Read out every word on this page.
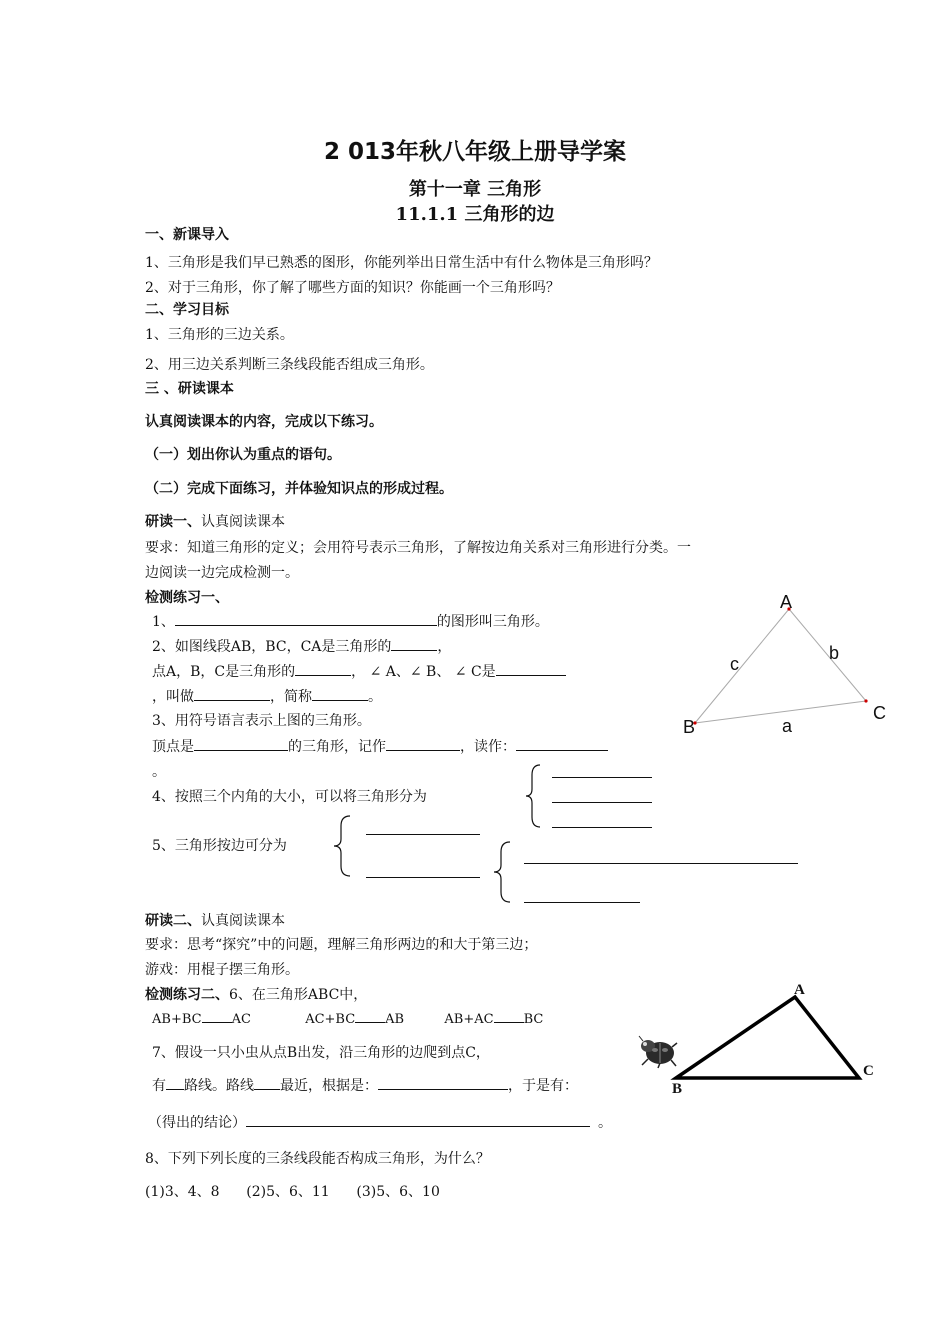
2 013年秋八年级上册导学案
第十一章 三角形
11.1.1 三角形的边
一、新课导入
1、三角形是我们早已熟悉的图形，你能列举出日常生活中有什么物体是三角形吗？
2、对于三角形，你了解了哪些方面的知识？你能画一个三角形吗？
二、学习目标
1、三角形的三边关系。
2、用三边关系判断三条线段能否组成三角形。
三 、研读课本
认真阅读课本的内容，完成以下练习。
（一）划出你认为重点的语句。
（二）完成下面练习，并体验知识点的形成过程。
研读一、认真阅读课本
要求：知道三角形的定义；会用符号表示三角形，了解按边角关系对三角形进行分类。一
边阅读一边完成检测一。
检测练习一、
1、	的图形叫三角形。
2、如图线段AB，BC，CA是三角形的	，
点A，B，C是三角形的	， ∠ A、∠ B、 ∠ C是
，叫做	，简称	。
3、用符号语言表示上图的三角形。
顶点是	的三角形，记作	，读作：
。
4、按照三个内角的大小，可以将三角形分为
5、三角形按边可分为
A
b
c
C
B	a
研读二、认真阅读课本
要求：思考“探究”中的问题，理解三角形两边的和大于第三边；
游戏：用棍子摆三角形。
检测练习二、6、在三角形ABC中，
AB+BC AC	AC+BC AB	AB+AC BC
7、假设一只小虫从点B出发，沿三角形的边爬到点C，
有 路线。路线 最近，根据是：	，于是有：
（得出的结论）	。
8、下列下列长度的三条线段能否构成三角形，为什么？
(1)3、4、8      (2)5、6、11      (3)5、6、10
A
C
B
